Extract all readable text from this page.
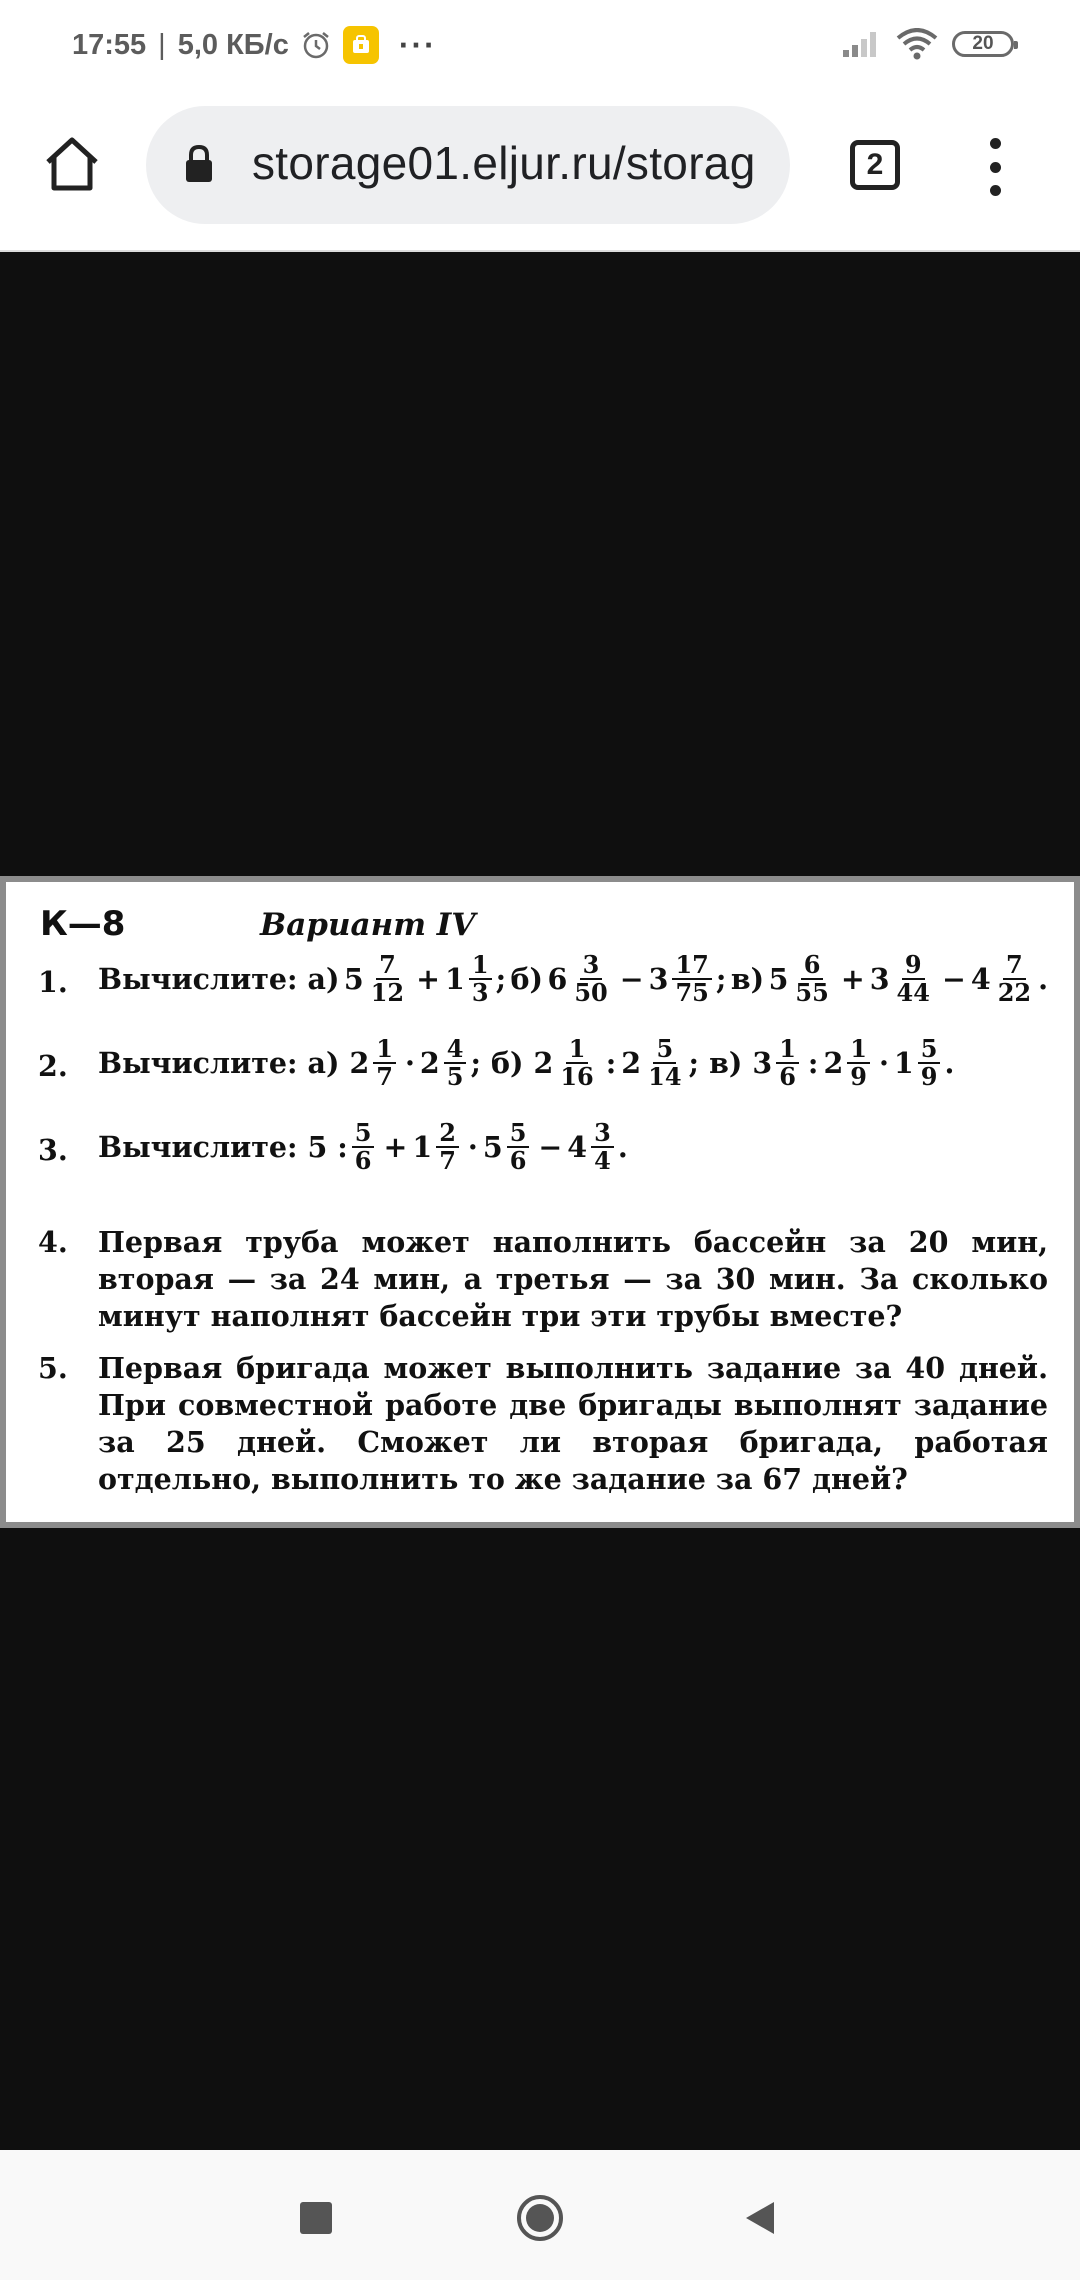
17:55 | 5,0 КБ/с	···	20
storage01.eljur.ru/storag	2
К—8	Вариант IV
1.	Вычислите: а) $5 \frac{7}{12} + 1 \frac{1}{3}$ ; б) $6 \frac{3}{50} - 3 \frac{17}{75}$ ; в) $5 \frac{6}{55} + 3 \frac{9}{44} - 4 \frac{7}{22}$ .
2.	Вычислите: а) $2 \frac{1}{7} \cdot 2 \frac{4}{5}$ ; б) $2 \frac{1}{16}$ : $2 \frac{5}{14}$ ; в) $3 \frac{1}{6}$ : $2 \frac{1}{9} \cdot 1 \frac{5}{9}$ .
3.	Вычислите: 5 : $\frac{5}{6} + 1 \frac{2}{7} \cdot 5 \frac{5}{6} - 4 \frac{3}{4}$ .
4.	Первая труба может наполнить бассейн за 20 мин, вторая — за 24 мин, а третья — за 30 мин. За сколько минут наполнят бассейн три эти трубы вместе?
5.	Первая бригада может выполнить задание за 40 дней. При совместной работе две бригады выполнят задание за 25 дней. Сможет ли вторая бригада, работая отдельно, выполнить то же задание за 67 дней?
